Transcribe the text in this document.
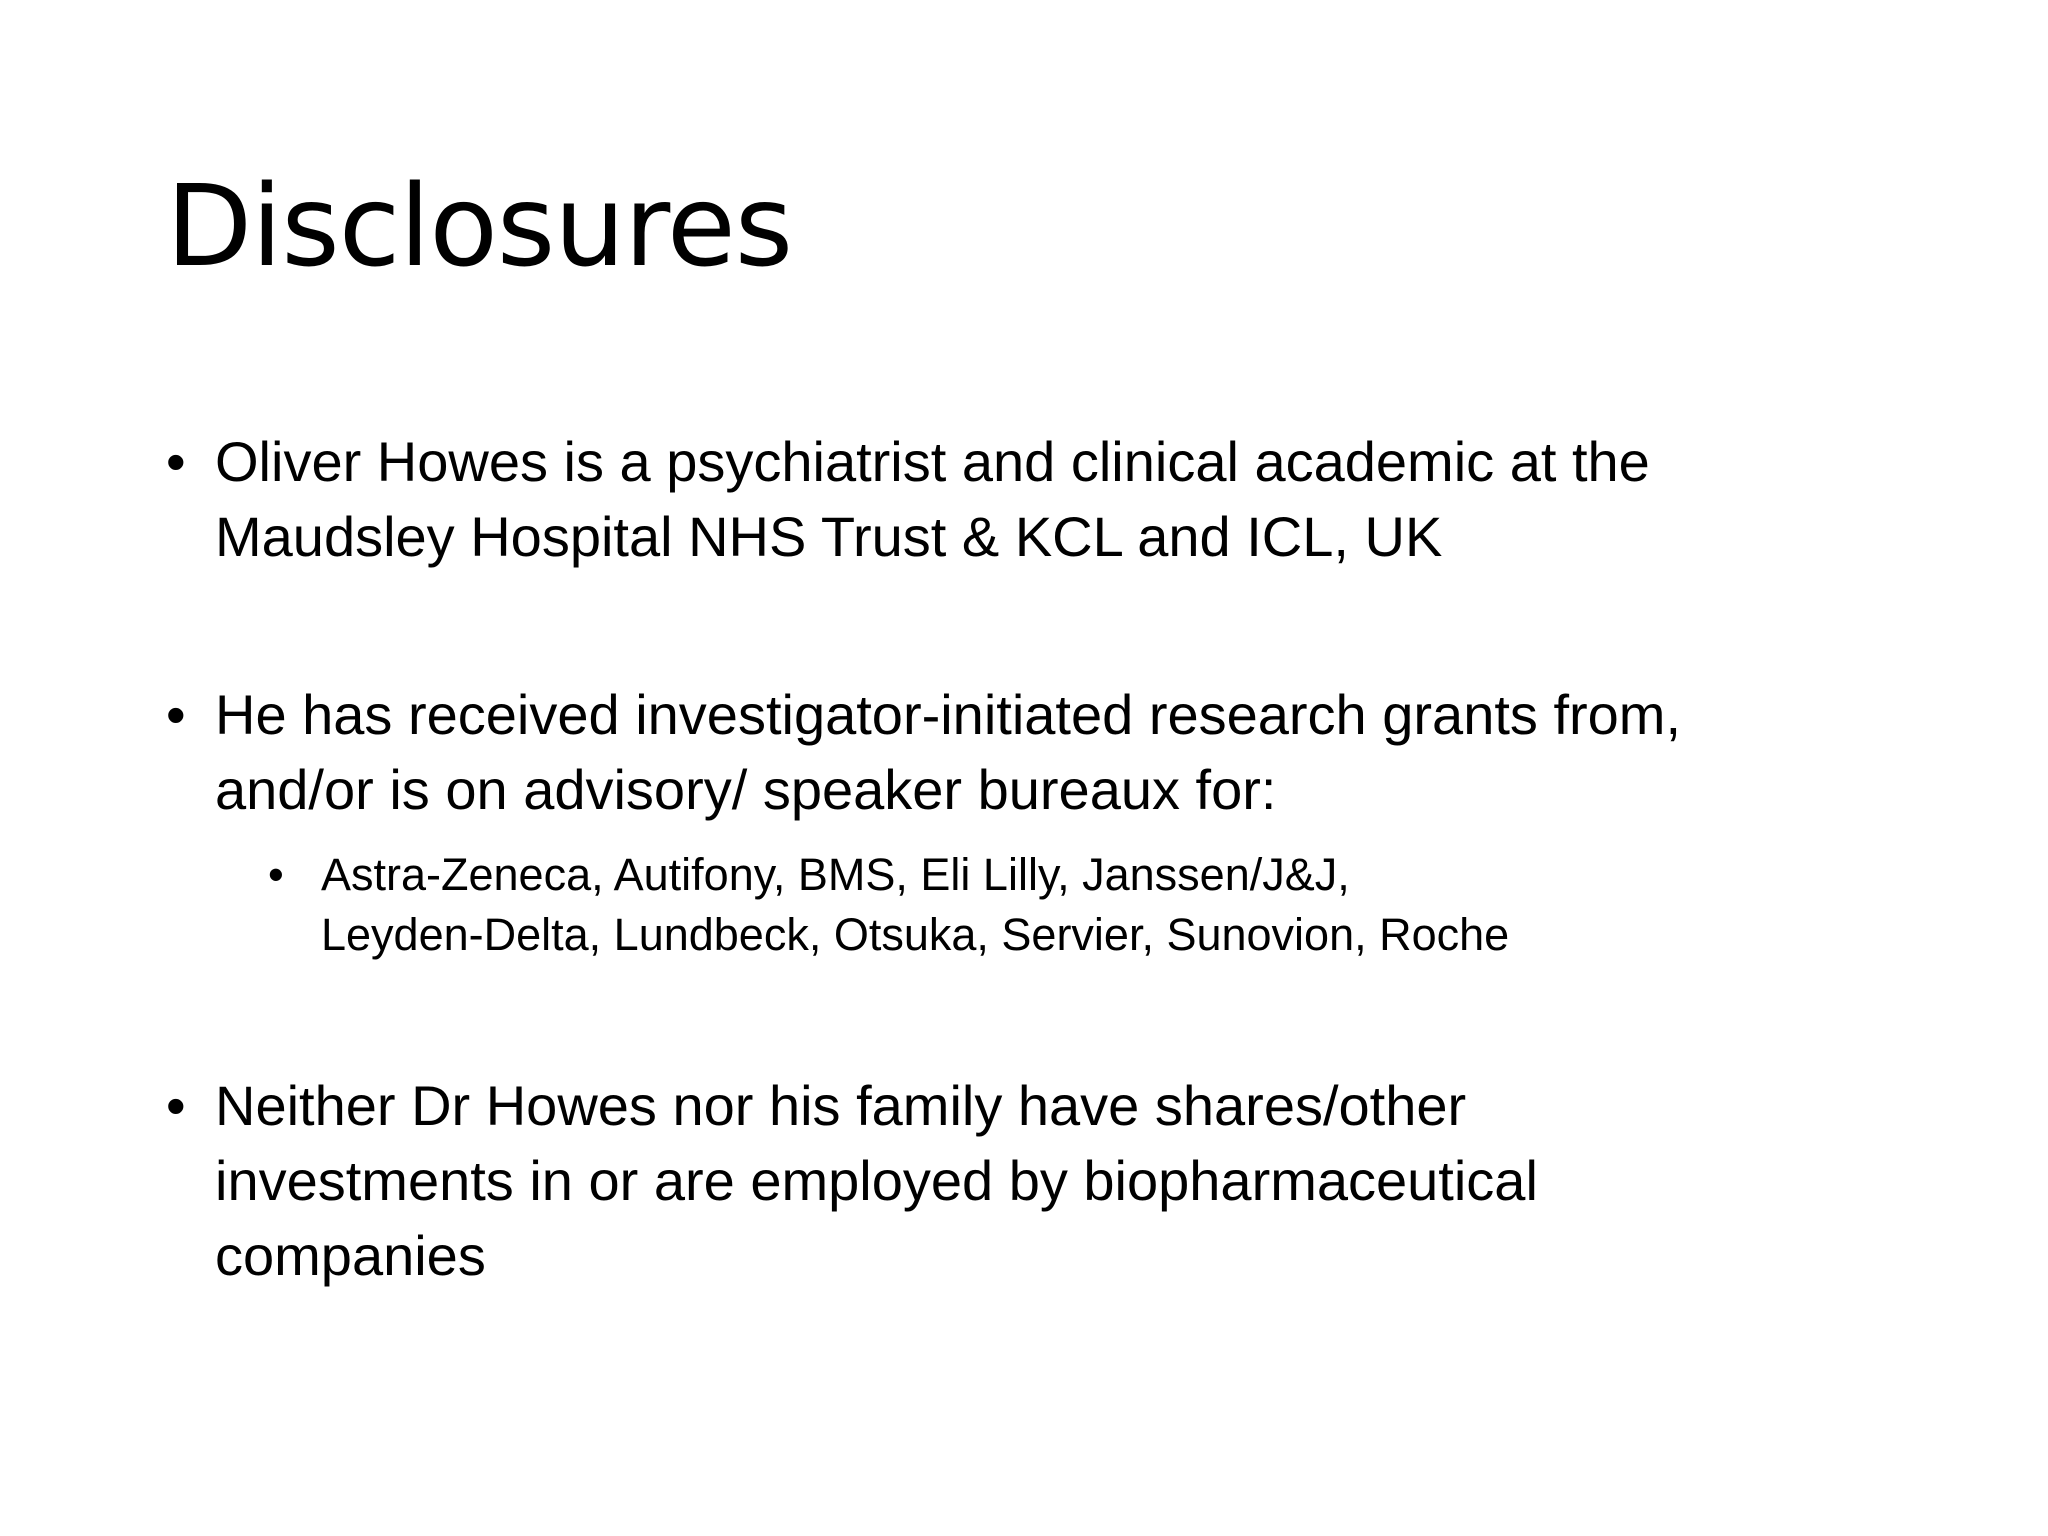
Disclosures
• Oliver Howes is a psychiatrist and clinical academic at the
Maudsley Hospital NHS Trust & KCL and ICL, UK
• He has received investigator-initiated research grants from,
and/or is on advisory/ speaker bureaux for:
• Astra-Zeneca, Autifony, BMS, Eli Lilly, Janssen/J&J,
Leyden-Delta, Lundbeck, Otsuka, Servier, Sunovion, Roche
• Neither Dr Howes nor his family have shares/other
investments in or are employed by biopharmaceutical
companies
